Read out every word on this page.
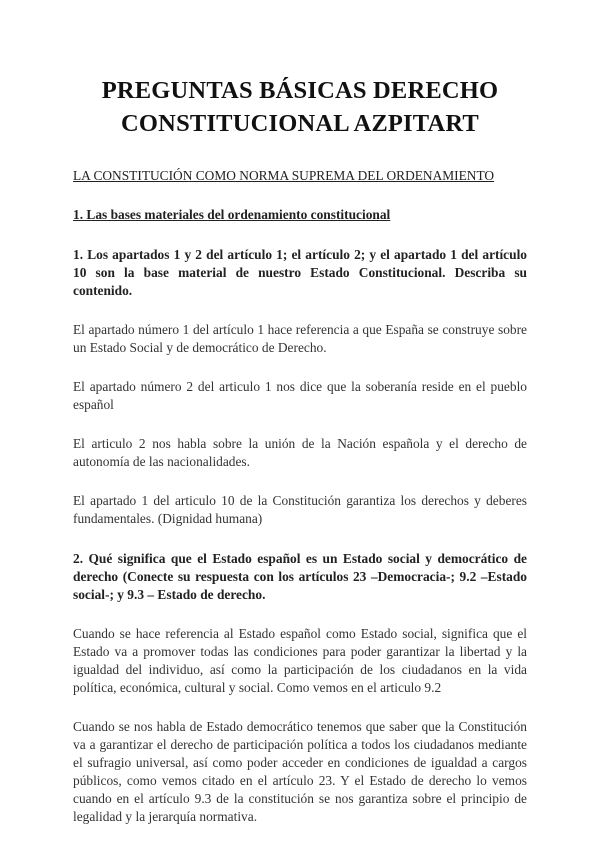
PREGUNTAS BÁSICAS DERECHO
CONSTITUCIONAL AZPITART

LA CONSTITUCIÓN COMO NORMA SUPREMA DEL ORDENAMIENTO

1. Las bases materiales del ordenamiento constitucional

1. Los apartados 1 y 2 del artículo 1; el artículo 2; y el apartado 1 del artículo 10 son la base material de nuestro Estado Constitucional. Describa su contenido.

El apartado número 1 del artículo 1 hace referencia a que España se construye sobre un Estado Social y de democrático de Derecho.

El apartado número 2 del articulo 1 nos dice que la soberanía reside en el pueblo español

El articulo 2 nos habla sobre la unión de la Nación española y el derecho de autonomía de las nacionalidades.

El apartado 1 del articulo 10 de la Constitución garantiza los derechos y deberes fundamentales. (Dignidad humana)

2. Qué significa que el Estado español es un Estado social y democrático de derecho (Conecte su respuesta con los artículos 23 –Democracia-; 9.2 –Estado social-; y 9.3 – Estado de derecho.

Cuando se hace referencia al Estado español como Estado social, significa que el Estado va a promover todas las condiciones para poder garantizar la libertad y la igualdad del individuo, así como la participación de los ciudadanos en la vida política, económica, cultural y social. Como vemos en el articulo 9.2

Cuando se nos habla de Estado democrático tenemos que saber que la Constitución va a garantizar el derecho de participación política a todos los ciudadanos mediante el sufragio universal, así como poder acceder en condiciones de igualdad a cargos públicos, como vemos citado en el artículo 23. Y el Estado de derecho lo vemos cuando en el artículo 9.3 de la constitución se nos garantiza sobre el principio de legalidad y la jerarquía normativa.
